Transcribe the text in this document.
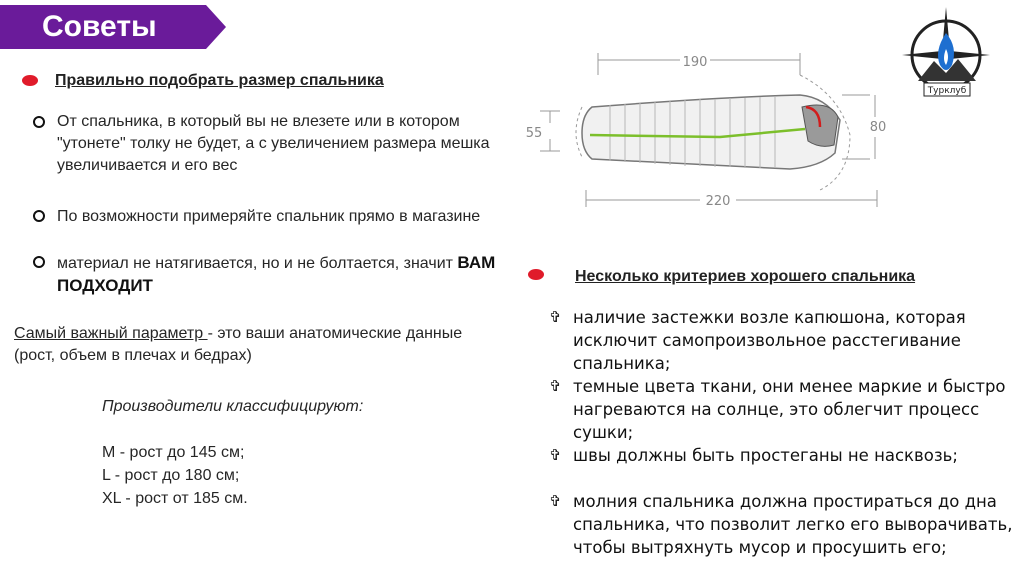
Советы
Правильно подобрать размер спальника
От спальника, в который вы не влезете или в котором "утонете" толку не будет, а с увеличением размера мешка увеличивается и его вес
По возможности примеряйте спальник прямо в магазине
материал не натягивается, но и не болтается, значит ВАМ ПОДХОДИТ
Самый важный параметр - это ваши анатомические данные (рост, объем в плечах и бедрах)
Производители классифицируют:
M - рост до 145 см;
L - рост до 180 см;
XL - рост от 185 см.
190
55	80
220
Турклуб
Несколько критериев хорошего спальника
✞ наличие застежки возле капюшона, которая исключит самопроизвольное расстегивание спальника;
✞ темные цвета ткани, они менее маркие и быстро нагреваются на солнце, это облегчит процесс сушки;
✞ швы должны быть простеганы не насквозь;
✞ молния спальника должна простираться до дна спальника, что позволит легко его выворачивать, чтобы вытряхнуть мусор и просушить его;
